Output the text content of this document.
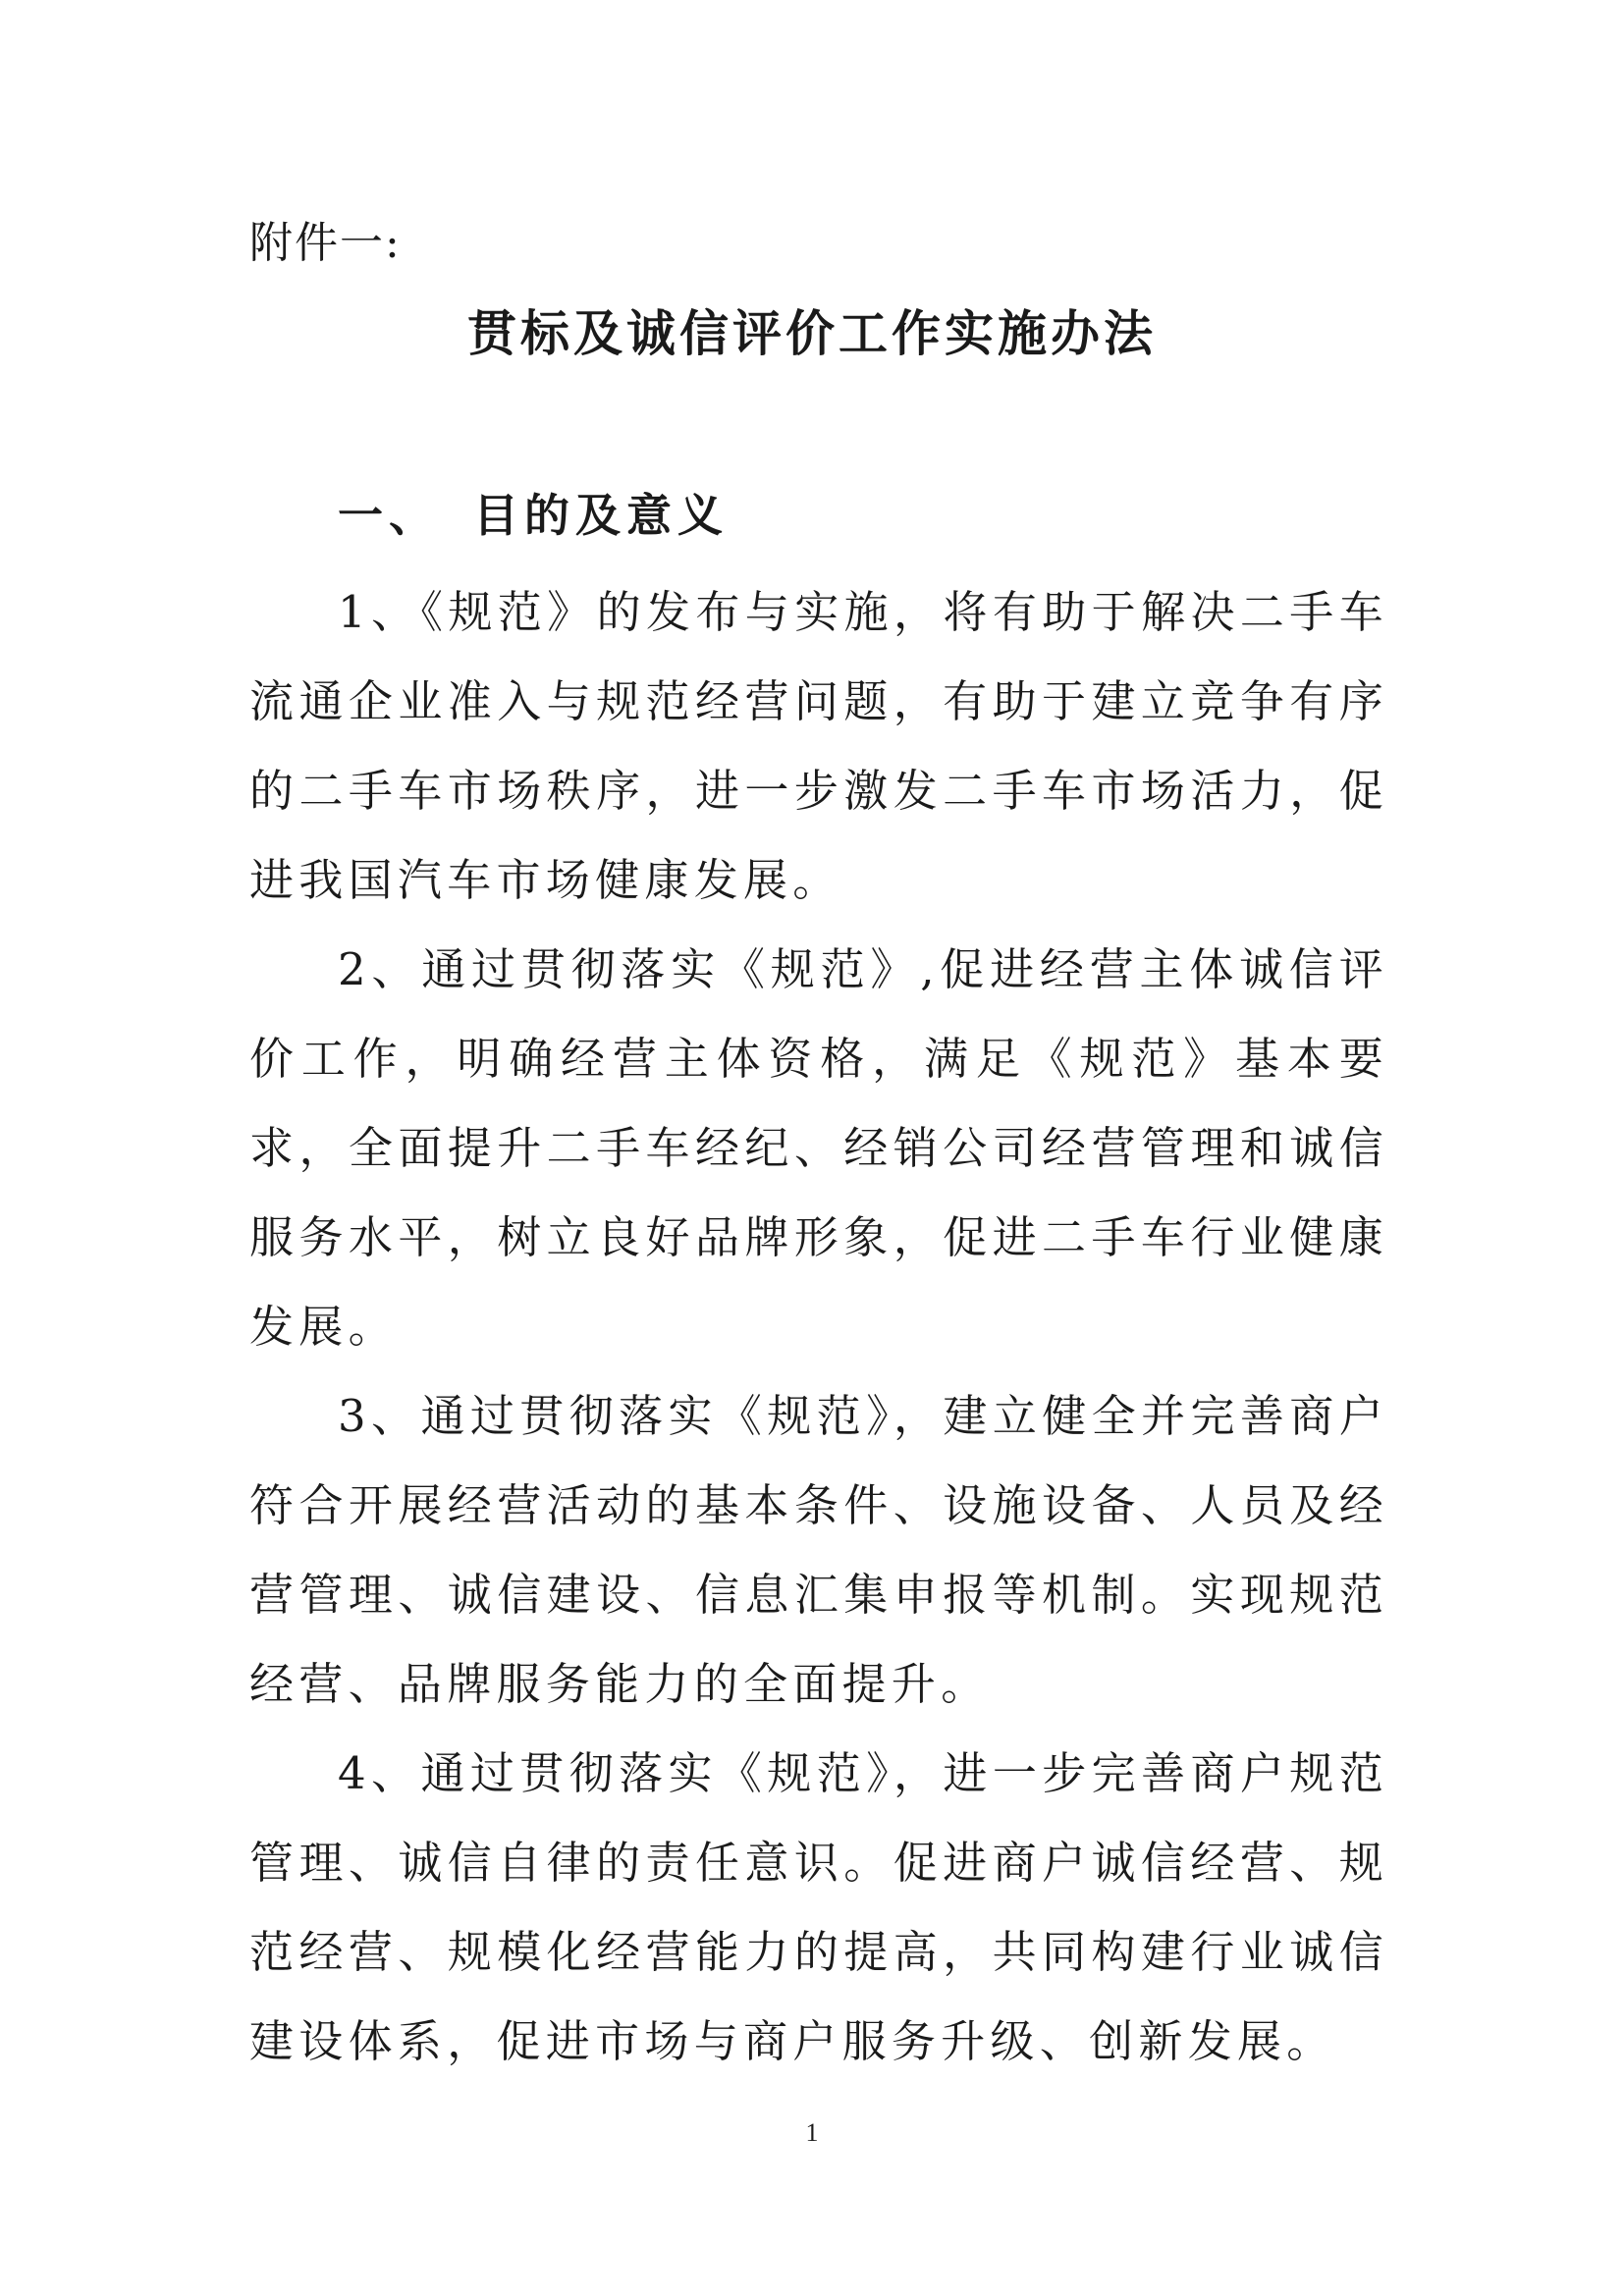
附件一:
贯标及诚信评价工作实施办法
一、 目的及意义

1、《规范》的发布与实施，将有助于解决二手车流通企业准入与规范经营问题，有助于建立竞争有序的二手车市场秩序，进一步激发二手车市场活力，促进我国汽车市场健康发展。

2、通过贯彻落实《规范》,促进经营主体诚信评价工作，明确经营主体资格，满足《规范》基本要求，全面提升二手车经纪、经销公司经营管理和诚信服务水平，树立良好品牌形象，促进二手车行业健康发展。

3、通过贯彻落实《规范》，建立健全并完善商户符合开展经营活动的基本条件、设施设备、人员及经营管理、诚信建设、信息汇集申报等机制。实现规范经营、品牌服务能力的全面提升。

4、通过贯彻落实《规范》，进一步完善商户规范管理、诚信自律的责任意识。促进商户诚信经营、规范经营、规模化经营能力的提高，共同构建行业诚信建设体系，促进市场与商户服务升级、创新发展。

1
